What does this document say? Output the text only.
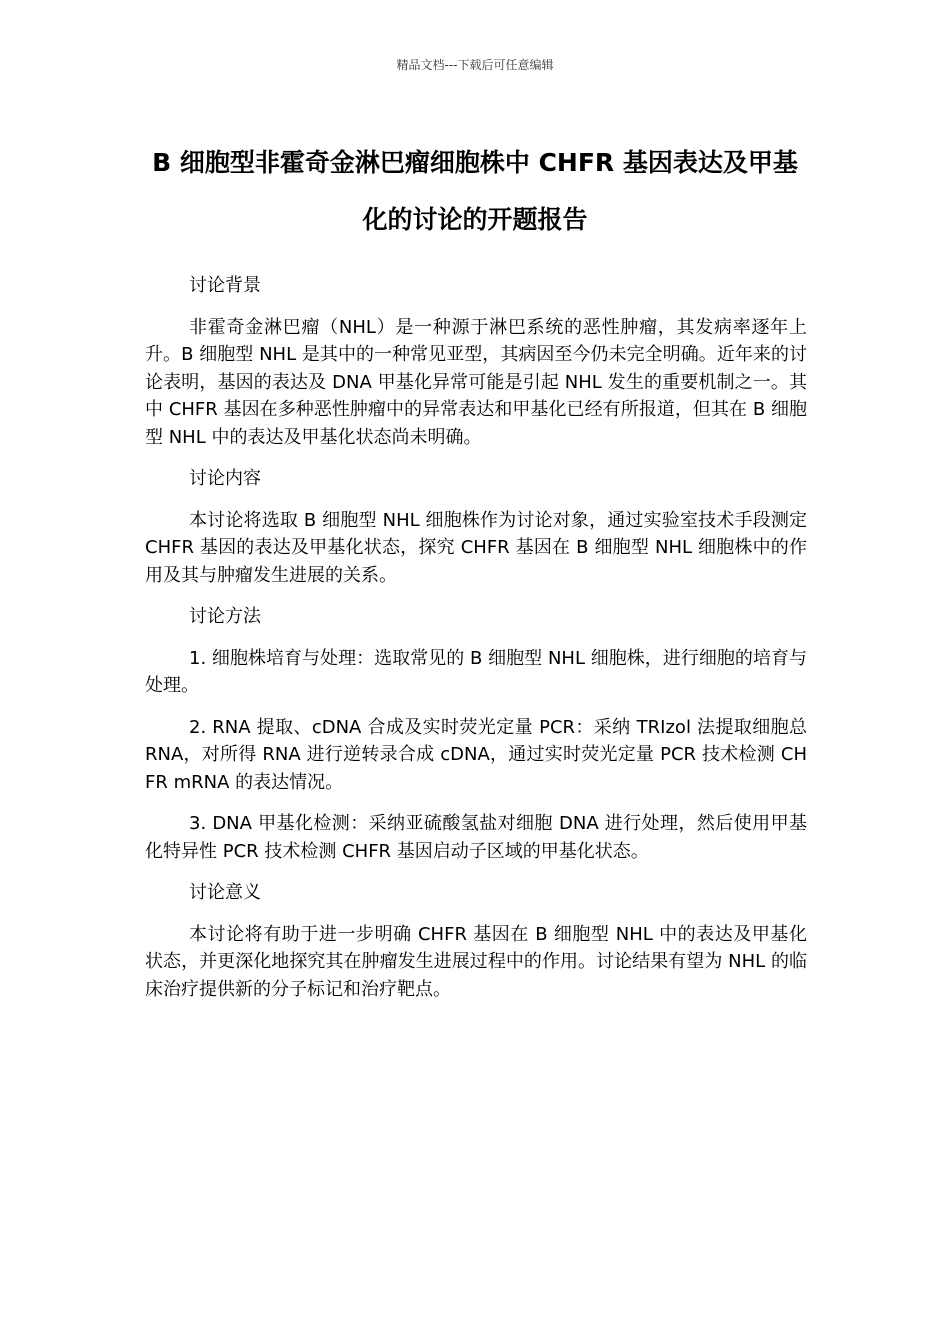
精品文档---下载后可任意编辑
B 细胞型非霍奇金淋巴瘤细胞株中 CHFR 基因表达及甲基化的讨论的开题报告

讨论背景

非霍奇金淋巴瘤（NHL）是一种源于淋巴系统的恶性肿瘤，其发病率逐年上升。B 细胞型 NHL 是其中的一种常见亚型，其病因至今仍未完全明确。近年来的讨论表明，基因的表达及 DNA 甲基化异常可能是引起 NHL 发生的重要机制之一。其中 CHFR 基因在多种恶性肿瘤中的异常表达和甲基化已经有所报道，但其在 B 细胞型 NHL 中的表达及甲基化状态尚未明确。

讨论内容

本讨论将选取 B 细胞型 NHL 细胞株作为讨论对象，通过实验室技术手段测定 CHFR 基因的表达及甲基化状态，探究 CHFR 基因在 B 细胞型 NHL 细胞株中的作用及其与肿瘤发生进展的关系。

讨论方法

1. 细胞株培育与处理：选取常见的 B 细胞型 NHL 细胞株，进行细胞的培育与处理。

2. RNA 提取、cDNA 合成及实时荧光定量 PCR：采纳 TRIzol 法提取细胞总 RNA，对所得 RNA 进行逆转录合成 cDNA，通过实时荧光定量 PCR 技术检测 CHFR mRNA 的表达情况。

3. DNA 甲基化检测：采纳亚硫酸氢盐对细胞 DNA 进行处理，然后使用甲基化特异性 PCR 技术检测 CHFR 基因启动子区域的甲基化状态。

讨论意义

本讨论将有助于进一步明确 CHFR 基因在 B 细胞型 NHL 中的表达及甲基化状态，并更深化地探究其在肿瘤发生进展过程中的作用。讨论结果有望为 NHL 的临床治疗提供新的分子标记和治疗靶点。
